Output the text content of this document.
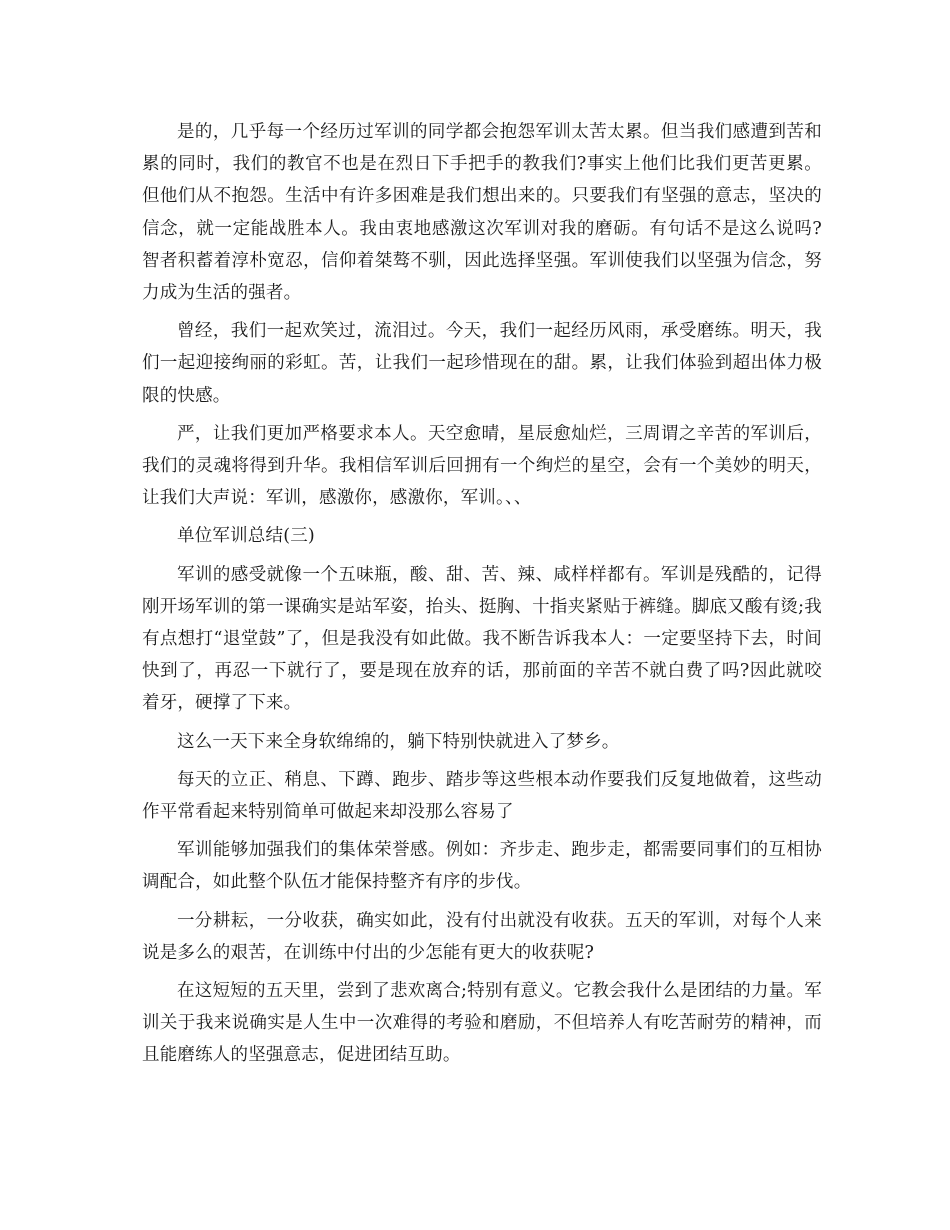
是的，几乎每一个经历过军训的同学都会抱怨军训太苦太累。但当我们感遭到苦和累的同时，我们的教官不也是在烈日下手把手的教我们?事实上他们比我们更苦更累。但他们从不抱怨。生活中有许多困难是我们想出来的。只要我们有坚强的意志，坚决的信念，就一定能战胜本人。我由衷地感激这次军训对我的磨砺。有句话不是这么说吗?智者积蓄着淳朴宽忍，信仰着桀骜不驯，因此选择坚强。军训使我们以坚强为信念，努力成为生活的强者。

曾经，我们一起欢笑过，流泪过。今天，我们一起经历风雨，承受磨练。明天，我们一起迎接绚丽的彩虹。苦，让我们一起珍惜现在的甜。累，让我们体验到超出体力极限的快感。

严，让我们更加严格要求本人。天空愈晴，星辰愈灿烂，三周谓之辛苦的军训后，我们的灵魂将得到升华。我相信军训后回拥有一个绚烂的星空，会有一个美妙的明天，让我们大声说：军训，感激你，感激你，军训。、、

单位军训总结(三)

军训的感受就像一个五味瓶，酸、甜、苦、辣、咸样样都有。军训是残酷的，记得刚开场军训的第一课确实是站军姿，抬头、挺胸、十指夹紧贴于裤缝。脚底又酸有烫;我有点想打“退堂鼓”了，但是我没有如此做。我不断告诉我本人：一定要坚持下去，时间快到了，再忍一下就行了，要是现在放弃的话，那前面的辛苦不就白费了吗?因此就咬着牙，硬撑了下来。

这么一天下来全身软绵绵的，躺下特别快就进入了梦乡。

每天的立正、稍息、下蹲、跑步、踏步等这些根本动作要我们反复地做着，这些动作平常看起来特别简单可做起来却没那么容易了

军训能够加强我们的集体荣誉感。例如：齐步走、跑步走，都需要同事们的互相协调配合，如此整个队伍才能保持整齐有序的步伐。

一分耕耘，一分收获，确实如此，没有付出就没有收获。五天的军训，对每个人来说是多么的艰苦，在训练中付出的少怎能有更大的收获呢?

在这短短的五天里，尝到了悲欢离合;特别有意义。它教会我什么是团结的力量。军训关于我来说确实是人生中一次难得的考验和磨励，不但培养人有吃苦耐劳的精神，而且能磨练人的坚强意志，促进团结互助。
